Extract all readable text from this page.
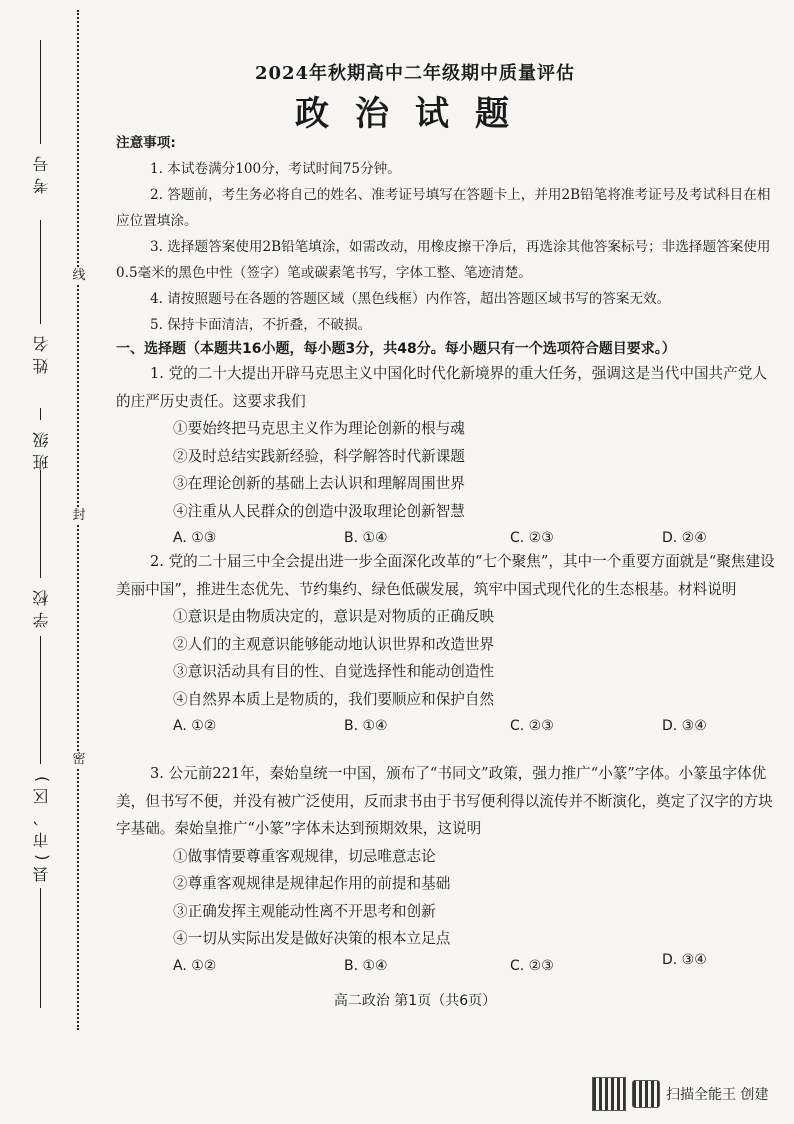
线
封
密
考号
姓名
班级
学校
县(市、区)
2024年秋期高中二年级期中质量评估
政治试题
注意事项:
1. 本试卷满分100分，考试时间75分钟。
2. 答题前，考生务必将自己的姓名、准考证号填写在答题卡上，并用2B铅笔将准考证号及考试科目在相应位置填涂。
3. 选择题答案使用2B铅笔填涂，如需改动，用橡皮擦干净后，再选涂其他答案标号；非选择题答案使用0.5毫米的黑色中性（签字）笔或碳素笔书写，字体工整、笔迹清楚。
4. 请按照题号在各题的答题区域（黑色线框）内作答，超出答题区域书写的答案无效。
5. 保持卡面清洁，不折叠，不破损。
一、选择题（本题共16小题，每小题3分，共48分。每小题只有一个选项符合题目要求。）
1. 党的二十大提出开辟马克思主义中国化时代化新境界的重大任务，强调这是当代中国共产党人的庄严历史责任。这要求我们
①要始终把马克思主义作为理论创新的根与魂
②及时总结实践新经验，科学解答时代新课题
③在理论创新的基础上去认识和理解周围世界
④注重从人民群众的创造中汲取理论创新智慧
A. ①③	B. ①④	C. ②③	D. ②④
2. 党的二十届三中全会提出进一步全面深化改革的“七个聚焦”，其中一个重要方面就是“聚焦建设美丽中国”，推进生态优先、节约集约、绿色低碳发展，筑牢中国式现代化的生态根基。材料说明
①意识是由物质决定的，意识是对物质的正确反映
②人们的主观意识能够能动地认识世界和改造世界
③意识活动具有目的性、自觉选择性和能动创造性
④自然界本质上是物质的，我们要顺应和保护自然
A. ①②	B. ①④	C. ②③	D. ③④
3. 公元前221年，秦始皇统一中国，颁布了“书同文”政策，强力推广“小篆”字体。小篆虽字体优美，但书写不便，并没有被广泛使用，反而隶书由于书写便利得以流传并不断演化，奠定了汉字的方块字基础。秦始皇推广“小篆”字体未达到预期效果，这说明
①做事情要尊重客观规律，切忌唯意志论
②尊重客观规律是规律起作用的前提和基础
③正确发挥主观能动性离不开思考和创新
④一切从实际出发是做好决策的根本立足点
A. ①②	B. ①④	C. ②③	D. ③④
高二政治 第1页（共6页）
扫描全能王 创建
